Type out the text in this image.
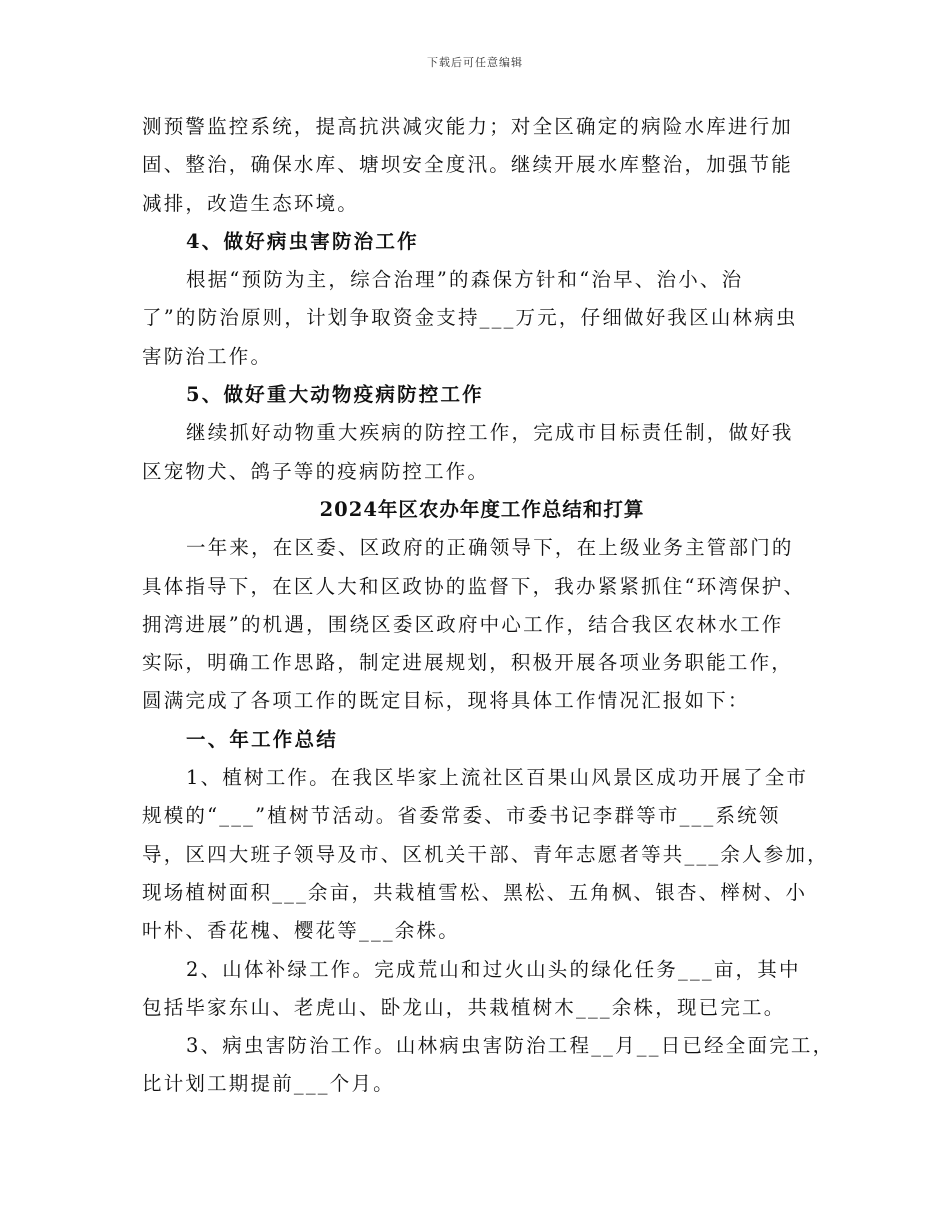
下载后可任意编辑
测预警监控系统，提高抗洪减灾能力；对全区确定的病险水库进行加
固、整治，确保水库、塘坝安全度汛。继续开展水库整治，加强节能
减排，改造生态环境。
4、做好病虫害防治工作
根据“预防为主，综合治理”的森保方针和“治早、治小、治
了”的防治原则，计划争取资金支持___万元，仔细做好我区山林病虫
害防治工作。
5、做好重大动物疫病防控工作
继续抓好动物重大疾病的防控工作，完成市目标责任制，做好我
区宠物犬、鸽子等的疫病防控工作。
2024年区农办年度工作总结和打算
一年来，在区委、区政府的正确领导下，在上级业务主管部门的
具体指导下，在区人大和区政协的监督下，我办紧紧抓住“环湾保护、
拥湾进展”的机遇，围绕区委区政府中心工作，结合我区农林水工作
实际，明确工作思路，制定进展规划，积极开展各项业务职能工作，
圆满完成了各项工作的既定目标，现将具体工作情况汇报如下：
一、年工作总结
1、植树工作。在我区毕家上流社区百果山风景区成功开展了全市
规模的“___”植树节活动。省委常委、市委书记李群等市___系统领
导，区四大班子领导及市、区机关干部、青年志愿者等共___余人参加，
现场植树面积___余亩，共栽植雪松、黑松、五角枫、银杏、榉树、小
叶朴、香花槐、樱花等___余株。
2、山体补绿工作。完成荒山和过火山头的绿化任务___亩，其中
包括毕家东山、老虎山、卧龙山，共栽植树木___余株，现已完工。
3、病虫害防治工作。山林病虫害防治工程__月__日已经全面完工，
比计划工期提前___个月。
